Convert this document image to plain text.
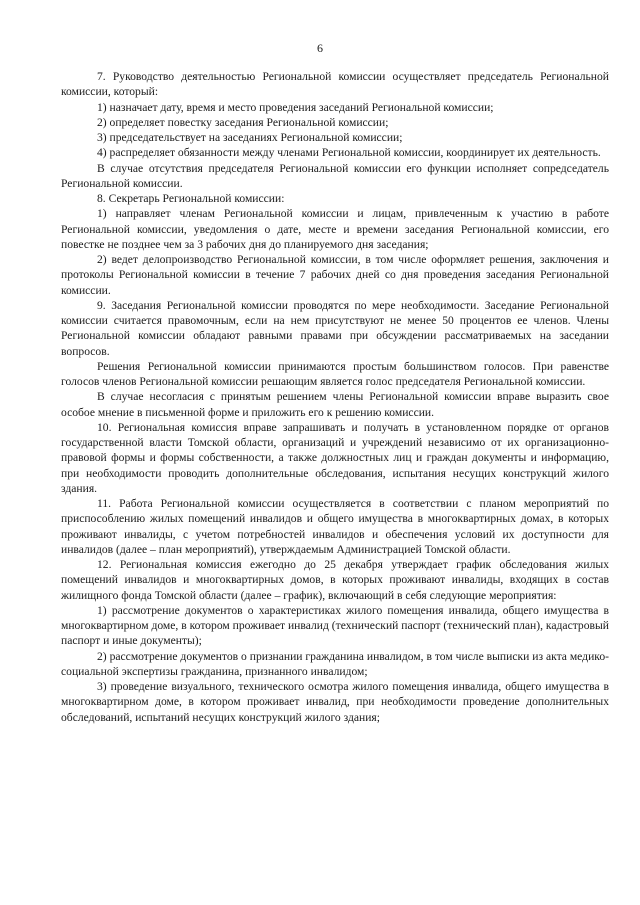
6

7. Руководство деятельностью Региональной комиссии осуществляет председатель Региональной комиссии, который:

1) назначает дату, время и место проведения заседаний Региональной комиссии;

2) определяет повестку заседания Региональной комиссии;

3) председательствует на заседаниях Региональной комиссии;

4) распределяет обязанности между членами Региональной комиссии, координирует их деятельность.

В случае отсутствия председателя Региональной комиссии его функции исполняет сопредседатель Региональной комиссии.

8. Секретарь Региональной комиссии:

1) направляет членам Региональной комиссии и лицам, привлеченным к участию в работе Региональной комиссии, уведомления о дате, месте и времени заседания Региональной комиссии, его повестке не позднее чем за 3 рабочих дня до планируемого дня заседания;

2) ведет делопроизводство Региональной комиссии, в том числе оформляет решения, заключения и протоколы Региональной комиссии в течение 7 рабочих дней со дня проведения заседания Региональной комиссии.

9. Заседания Региональной комиссии проводятся по мере необходимости. Заседание Региональной комиссии считается правомочным, если на нем присутствуют не менее 50 процентов ее членов. Члены Региональной комиссии обладают равными правами при обсуждении рассматриваемых на заседании вопросов.

Решения Региональной комиссии принимаются простым большинством голосов. При равенстве голосов членов Региональной комиссии решающим является голос председателя Региональной комиссии.

В случае несогласия с принятым решением члены Региональной комиссии вправе выразить свое особое мнение в письменной форме и приложить его к решению комиссии.

10. Региональная комиссия вправе запрашивать и получать в установленном порядке от органов государственной власти Томской области, организаций и учреждений независимо от их организационно-правовой формы и формы собственности, а также должностных лиц и граждан документы и информацию, при необходимости проводить дополнительные обследования, испытания несущих конструкций жилого здания.

11. Работа Региональной комиссии осуществляется в соответствии с планом мероприятий по приспособлению жилых помещений инвалидов и общего имущества в многоквартирных домах, в которых проживают инвалиды, с учетом потребностей инвалидов и обеспечения условий их доступности для инвалидов (далее – план мероприятий), утверждаемым Администрацией Томской области.

12. Региональная комиссия ежегодно до 25 декабря утверждает график обследования жилых помещений инвалидов и многоквартирных домов, в которых проживают инвалиды, входящих в состав жилищного фонда Томской области (далее – график), включающий в себя следующие мероприятия:

1) рассмотрение документов о характеристиках жилого помещения инвалида, общего имущества в многоквартирном доме, в котором проживает инвалид (технический паспорт (технический план), кадастровый паспорт и иные документы);

2) рассмотрение документов о признании гражданина инвалидом, в том числе выписки из акта медико-социальной экспертизы гражданина, признанного инвалидом;

3) проведение визуального, технического осмотра жилого помещения инвалида, общего имущества в многоквартирном доме, в котором проживает инвалид, при необходимости проведение дополнительных обследований, испытаний несущих конструкций жилого здания;
